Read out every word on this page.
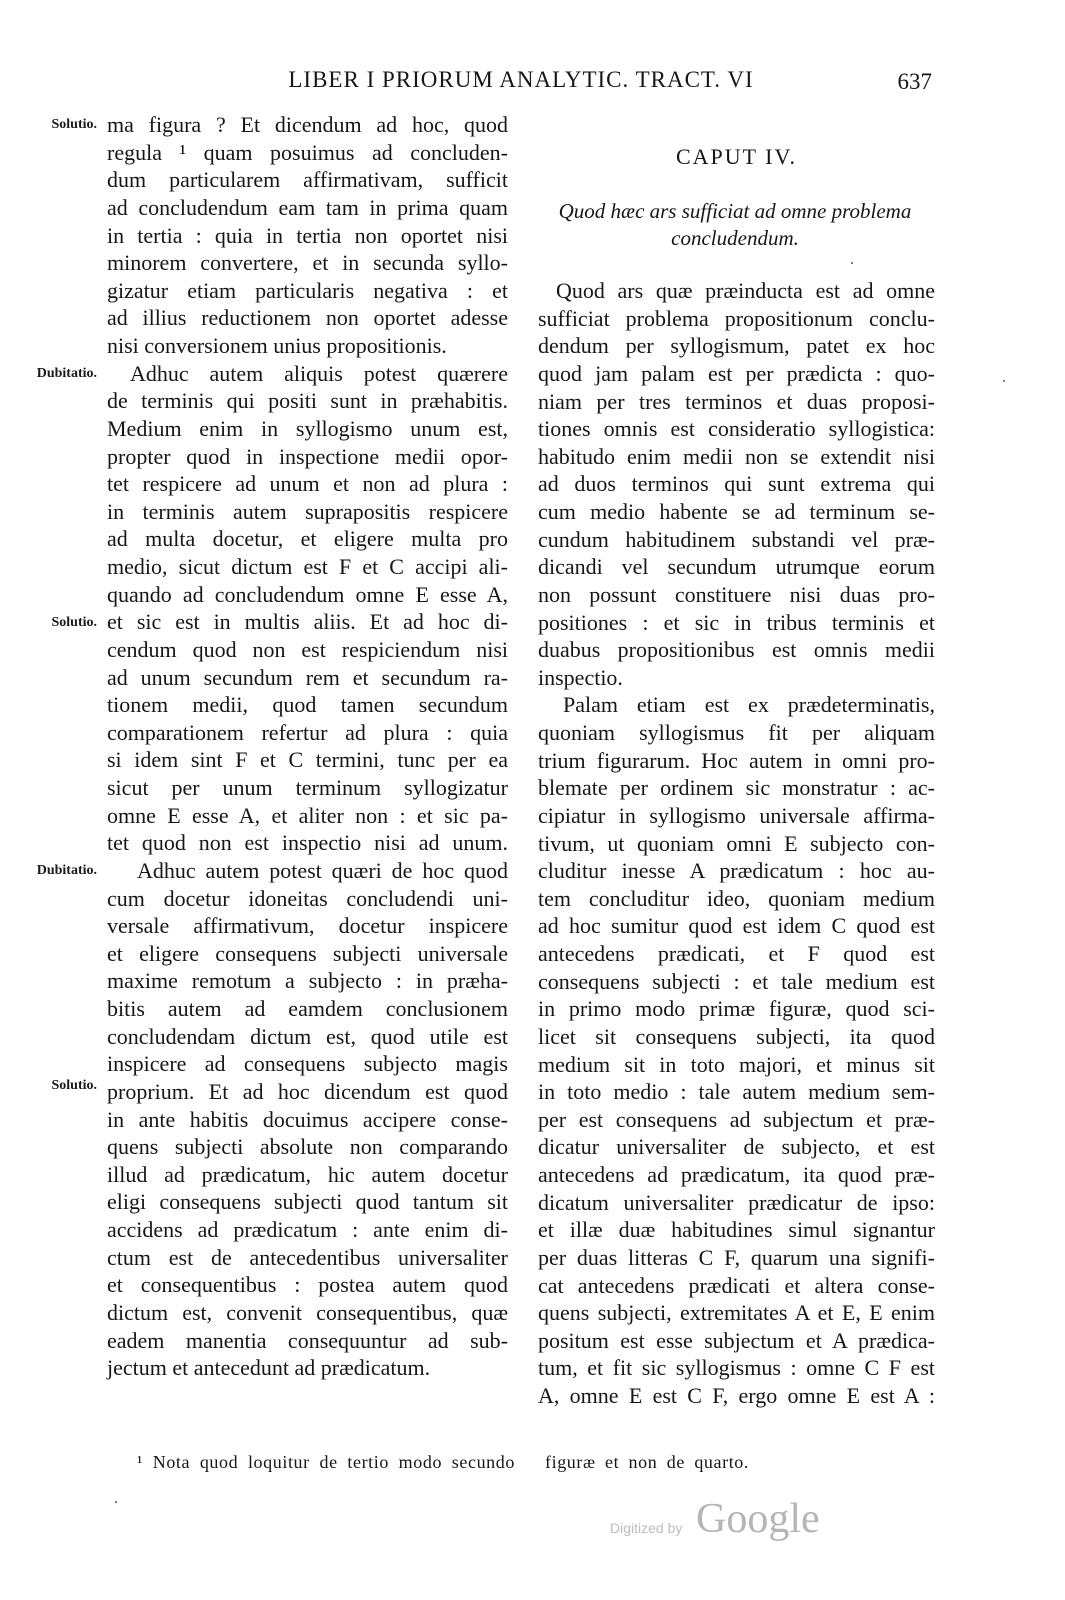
LIBER I PRIORUM ANALYTIC. TRACT. VI	637
Solutio.
Dubitatio.
Solutio.
Dubitatio.
Solutio.
ma figura ? Et dicendum ad hoc, quod
regula ¹ quam posuimus ad concluden-
dum particularem affirmativam, sufficit
ad concludendum eam tam in prima quam
in tertia : quia in tertia non oportet nisi
minorem convertere, et in secunda syllo-
gizatur etiam particularis negativa : et
ad illius reductionem non oportet adesse
nisi conversionem unius propositionis.
Adhuc autem aliquis potest quærere
de terminis qui positi sunt in præhabitis.
Medium enim in syllogismo unum est,
propter quod in inspectione medii opor-
tet respicere ad unum et non ad plura :
in terminis autem suprapositis respicere
ad multa docetur, et eligere multa pro
medio, sicut dictum est F et C accipi ali-
quando ad concludendum omne E esse A,
et sic est in multis aliis. Et ad hoc di-
cendum quod non est respiciendum nisi
ad unum secundum rem et secundum ra-
tionem medii, quod tamen secundum
comparationem refertur ad plura : quia
si idem sint F et C termini, tunc per ea
sicut per unum terminum syllogizatur
omne E esse A, et aliter non : et sic pa-
tet quod non est inspectio nisi ad unum.
Adhuc autem potest quæri de hoc quod
cum docetur idoneitas concludendi uni-
versale affirmativum, docetur inspicere
et eligere consequens subjecti universale
maxime remotum a subjecto : in præha-
bitis autem ad eamdem conclusionem
concludendam dictum est, quod utile est
inspicere ad consequens subjecto magis
proprium. Et ad hoc dicendum est quod
in ante habitis docuimus accipere conse-
quens subjecti absolute non comparando
illud ad prædicatum, hic autem docetur
eligi consequens subjecti quod tantum sit
accidens ad prædicatum : ante enim di-
ctum est de antecedentibus universaliter
et consequentibus : postea autem quod
dictum est, convenit consequentibus, quæ
eadem manentia consequuntur ad sub-
jectum et antecedunt ad prædicatum.
CAPUT IV.
Quod hæc ars sufficiat ad omne problema
concludendum.
Quod ars quæ præinducta est ad omne
sufficiat problema propositionum conclu-
dendum per syllogismum, patet ex hoc
quod jam palam est per prædicta : quo-
niam per tres terminos et duas proposi-
tiones omnis est consideratio syllogistica:
habitudo enim medii non se extendit nisi
ad duos terminos qui sunt extrema qui
cum medio habente se ad terminum se-
cundum habitudinem substandi vel præ-
dicandi vel secundum utrumque eorum
non possunt constituere nisi duas pro-
positiones : et sic in tribus terminis et
duabus propositionibus est omnis medii
inspectio.
Palam etiam est ex prædeterminatis,
quoniam syllogismus fit per aliquam
trium figurarum. Hoc autem in omni pro-
blemate per ordinem sic monstratur : ac-
cipiatur in syllogismo universale affirma-
tivum, ut quoniam omni E subjecto con-
cluditur inesse A prædicatum : hoc au-
tem concluditur ideo, quoniam medium
ad hoc sumitur quod est idem C quod est
antecedens prædicati, et F quod est
consequens subjecti : et tale medium est
in primo modo primæ figuræ, quod sci-
licet sit consequens subjecti, ita quod
medium sit in toto majori, et minus sit
in toto medio : tale autem medium sem-
per est consequens ad subjectum et præ-
dicatur universaliter de subjecto, et est
antecedens ad prædicatum, ita quod præ-
dicatum universaliter prædicatur de ipso:
et illæ duæ habitudines simul signantur
per duas litteras C F, quarum una signifi-
cat antecedens prædicati et altera conse-
quens subjecti, extremitates A et E, E enim
positum est esse subjectum et A prædica-
tum, et fit sic syllogismus : omne C F est
A, omne E est C F, ergo omne E est A :
¹ Nota quod loquitur de tertio modo secundo figuræ et non de quarto.
Digitized by Google
